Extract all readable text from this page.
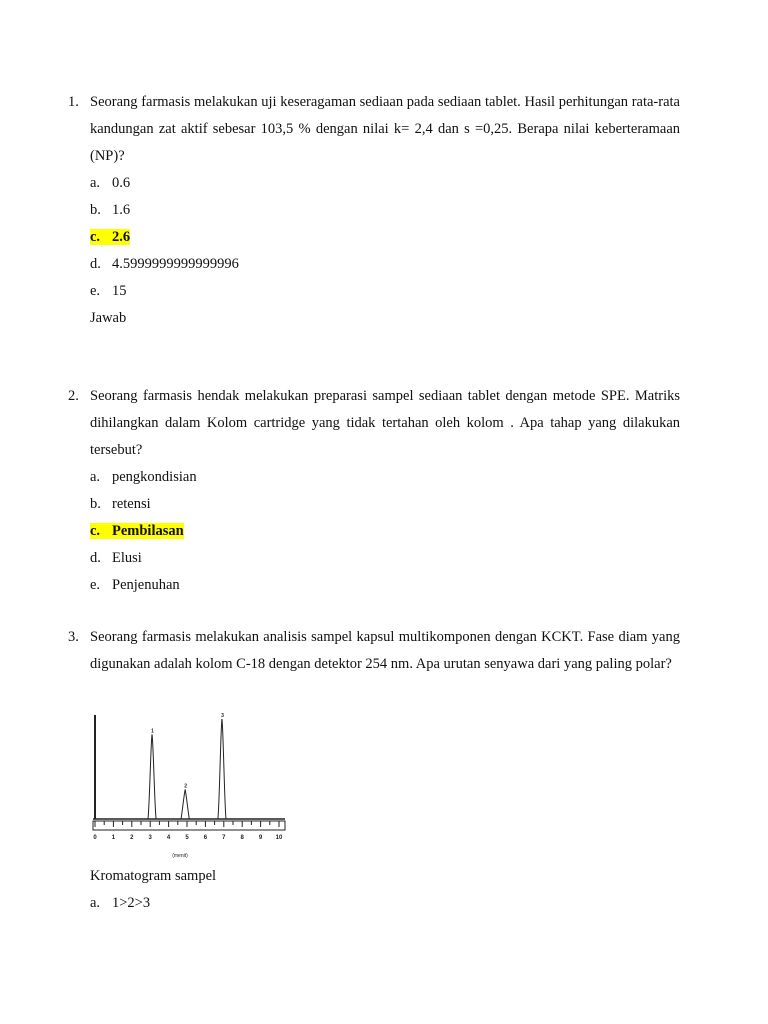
1. Seorang farmasis melakukan uji keseragaman sediaan pada sediaan tablet. Hasil perhitungan rata-rata kandungan zat aktif sebesar 103,5 % dengan nilai k= 2,4 dan s =0,25. Berapa nilai keberteramaan (NP)?
a. 0.6
b. 1.6
c. 2.6
d. 4.5999999999999996
e. 15
Jawab
2. Seorang farmasis hendak melakukan preparasi sampel sediaan tablet dengan metode SPE. Matriks dihilangkan dalam Kolom cartridge yang tidak tertahan oleh kolom . Apa tahap yang dilakukan tersebut?
a. pengkondisian
b. retensi
c. Pembilasan
d. Elusi
e. Penjenuhan
3. Seorang farmasis melakukan analisis sampel kapsul multikomponen dengan KCKT. Fase diam yang digunakan adalah kolom C-18 dengan detektor 254 nm. Apa urutan senyawa dari yang paling polar?
0	1	2	3	4	5	6	7	8	9 10
1
2
3
(menit)
Kromatogram sampel
a. 1>2>3
